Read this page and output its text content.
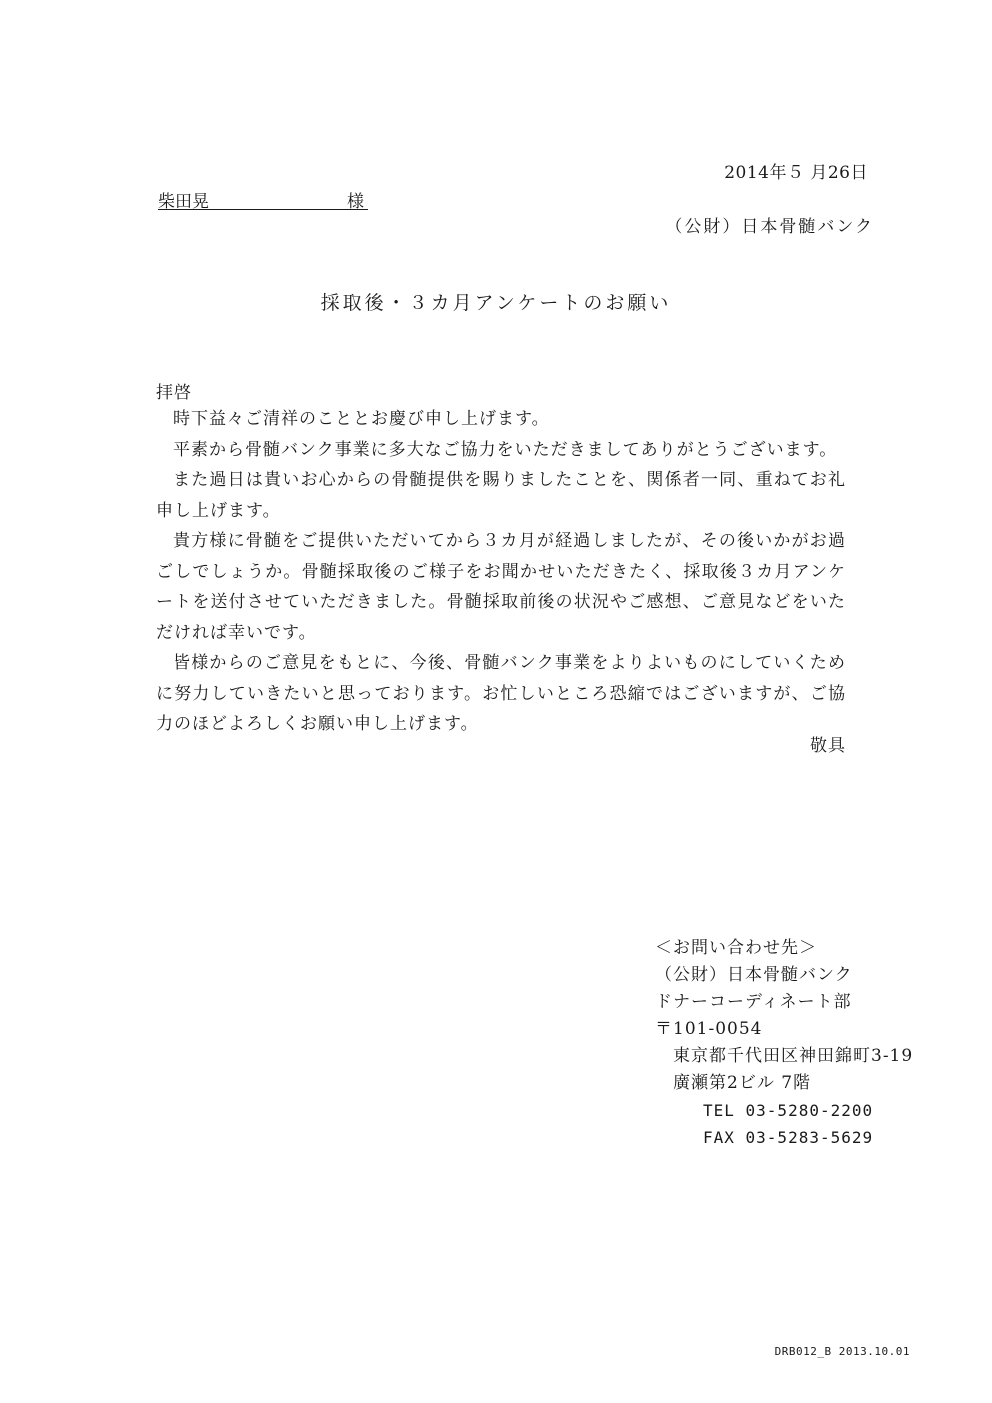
2014年５ 月26日
柴田晃	様
（公財）日本骨髄バンク
採取後・３カ月アンケートのお願い
拝啓

時下益々ご清祥のこととお慶び申し上げます。

平素から骨髄バンク事業に多大なご協力をいただきましてありがとうございます。

また過日は貴いお心からの骨髄提供を賜りましたことを、関係者一同、重ねてお礼申し上げます。

貴方様に骨髄をご提供いただいてから３カ月が経過しましたが、その後いかがお過ごしでしょうか。骨髄採取後のご様子をお聞かせいただきたく、採取後３カ月アンケートを送付させていただきました。骨髄採取前後の状況やご感想、ご意見などをいただければ幸いです。

皆様からのご意見をもとに、今後、骨髄バンク事業をよりよいものにしていくために努力していきたいと思っております。お忙しいところ恐縮ではございますが、ご協力のほどよろしくお願い申し上げます。

敬具
＜お問い合わせ先＞
（公財）日本骨髄バンク
ドナーコーディネート部
〒101-0054
東京都千代田区神田錦町3-19
廣瀬第2ビル 7階
TEL 03-5280-2200
FAX 03-5283-5629
DRB012_B 2013.10.01
